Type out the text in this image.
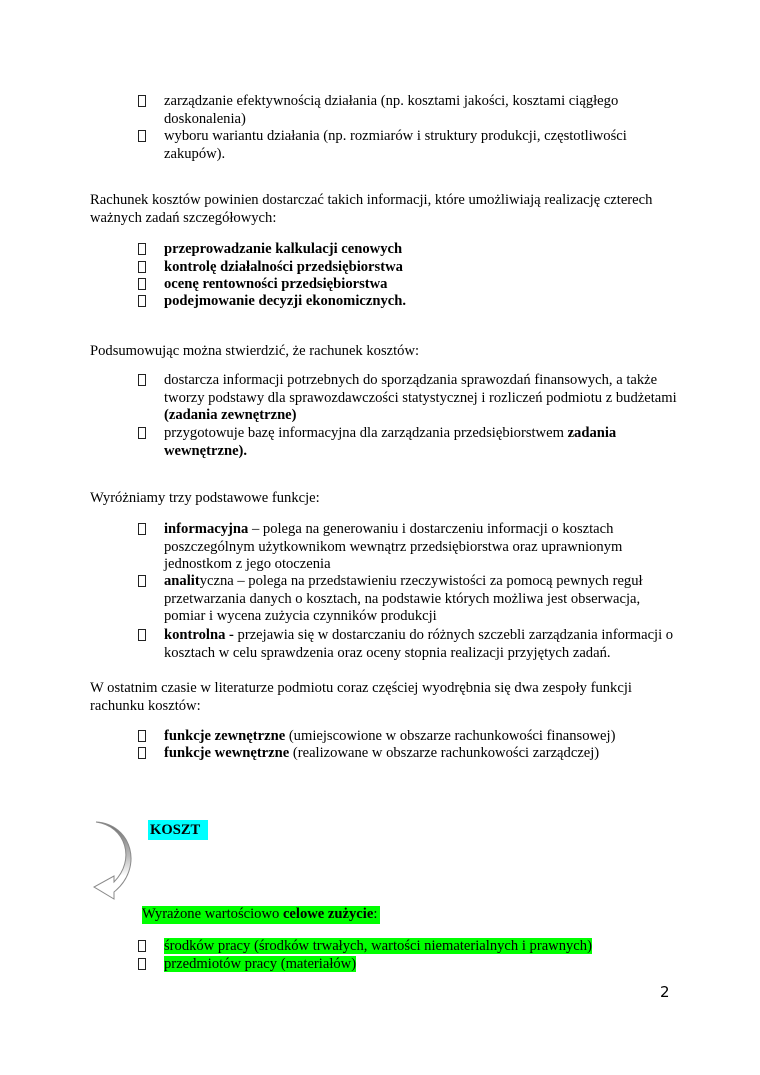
zarządzanie efektywnością działania (np. kosztami jakości, kosztami ciągłego doskonalenia)
wyboru wariantu działania (np. rozmiarów i struktury produkcji, częstotliwości zakupów).
Rachunek kosztów powinien dostarczać takich informacji, które umożliwiają realizację czterech ważnych zadań szczegółowych:
przeprowadzanie kalkulacji cenowych
kontrolę działalności przedsiębiorstwa
ocenę rentowności przedsiębiorstwa
podejmowanie decyzji ekonomicznych.
Podsumowując można stwierdzić, że rachunek kosztów:
dostarcza informacji potrzebnych do sporządzania sprawozdań finansowych, a także tworzy podstawy dla sprawozdawczości statystycznej i rozliczeń podmiotu z budżetami (zadania zewnętrzne)
przygotowuje bazę informacyjna dla zarządzania przedsiębiorstwem zadania wewnętrzne).
Wyróżniamy trzy podstawowe funkcje:
informacyjna – polega na generowaniu i dostarczeniu informacji o kosztach poszczególnym użytkownikom wewnątrz przedsiębiorstwa oraz uprawnionym jednostkom z jego otoczenia
analityczna – polega na przedstawieniu rzeczywistości za pomocą pewnych reguł przetwarzania danych o kosztach, na podstawie których możliwa jest obserwacja, pomiar i wycena zużycia czynników produkcji
kontrolna - przejawia się w dostarczaniu do różnych szczebli zarządzania informacji o kosztach w celu sprawdzenia oraz oceny stopnia realizacji przyjętych zadań.
W ostatnim czasie w literaturze podmiotu coraz częściej wyodrębnia się dwa zespoły funkcji rachunku kosztów:
funkcje zewnętrzne (umiejscowione w obszarze rachunkowości finansowej)
funkcje wewnętrzne (realizowane w obszarze rachunkowości zarządczej)
KOSZT
Wyrażone wartościowo celowe zużycie:
środków pracy (środków trwałych, wartości niematerialnych i prawnych)
przedmiotów pracy (materiałów)
2
